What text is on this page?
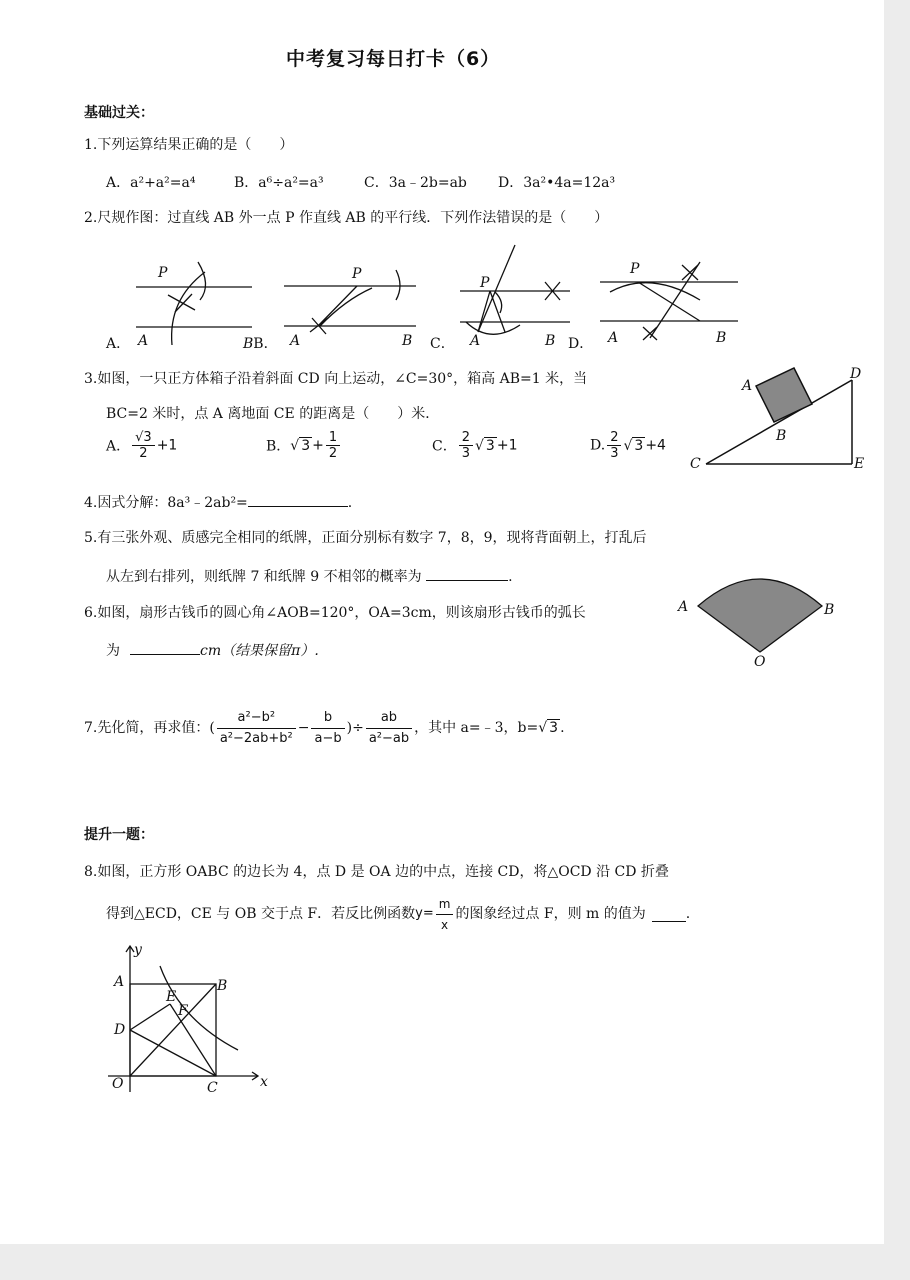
中考复习每日打卡（6）
基础过关：
1.下列运算结果正确的是（　　）
A．a²+a²=a⁴	B．a⁶÷a²=a³	C．3a﹣2b=ab D．3a²•4a=12a³
2.尺规作图：过直线 AB 外一点 P 作直线 AB 的平行线．下列作法错误的是（　　）
P
A
P
A	B
P
A	B
P
A	B
A．	BB．	C．	D．
3.如图，一只正方体箱子沿着斜面 CD 向上运动，∠C=30°，箱高 AB=1 米，当
BC=2 米时，点 A 离地面 CE 的距离是（　　）米．
A． $\frac{√3}{2} +1$	B．√ $3 + \frac{1}{2}$	C． $\frac{2}{3}$ √ 3 +1	D. $\frac{2}{3}$ √ 3 +4
A
B
C
D
E
4.因式分解：8a³﹣2ab²=	.
5.有三张外观、质感完全相同的纸牌，正面分别标有数字 7，8，9，现将背面朝上，打乱后
从左到右排列，则纸牌 7 和纸牌 9 不相邻的概率为	.
6.如图，扇形古钱币的圆心角∠AOB=120°，OA=3cm，则该扇形古钱币的弧长
为	cm（结果保留π）.
A	B
O
7.先化简，再求值：(
a²−b²
a²−2ab+b²
− $\frac{b}{a-b}$ )÷ $\frac{ab}{\text{a²−ab}}$ ，其中 a=﹣3，b= √ 3 .
提升一题：
8.如图，正方形 OABC 的边长为 4，点 D 是 OA 边的中点，连接 CD，将△OCD 沿 CD 折叠
得到△ECD，CE 与 OB 交于点 F．若反比例函数 $y= \frac{m}{x}$ 的图象经过点 F，则 m 的值为	.
y
x
A	B
C
D
E
F
O
